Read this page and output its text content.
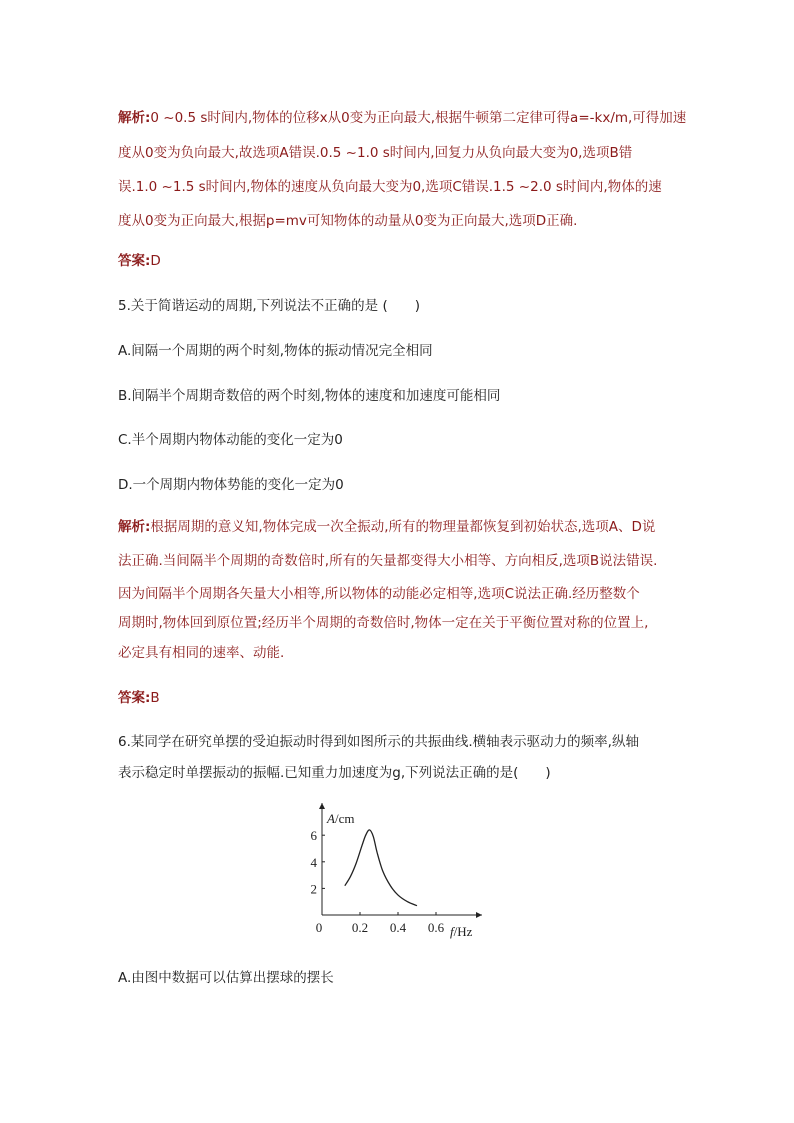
解析:0 ~0.5 s时间内,物体的位移x从0变为正向最大,根据牛顿第二定律可得a=-kx/m,可得加速
度从0变为负向最大,故选项A错误.0.5 ~1.0 s时间内,回复力从负向最大变为0,选项B错
误.1.0 ~1.5 s时间内,物体的速度从负向最大变为0,选项C错误.1.5 ~2.0 s时间内,物体的速
度从0变为正向最大,根据p=mv可知物体的动量从0变为正向最大,选项D正确.
答案:D
5.关于简谐运动的周期,下列说法不正确的是 (　　)
A.间隔一个周期的两个时刻,物体的振动情况完全相同
B.间隔半个周期奇数倍的两个时刻,物体的速度和加速度可能相同
C.半个周期内物体动能的变化一定为0
D.一个周期内物体势能的变化一定为0
解析:根据周期的意义知,物体完成一次全振动,所有的物理量都恢复到初始状态,选项A、D说
法正确.当间隔半个周期的奇数倍时,所有的矢量都变得大小相等、方向相反,选项B说法错误.
因为间隔半个周期各矢量大小相等,所以物体的动能必定相等,选项C说法正确.经历整数个
周期时,物体回到原位置;经历半个周期的奇数倍时,物体一定在关于平衡位置对称的位置上,
必定具有相同的速率、动能.
答案:B
6.某同学在研究单摆的受迫振动时得到如图所示的共振曲线.横轴表示驱动力的频率,纵轴
表示稳定时单摆振动的振幅.已知重力加速度为g,下列说法正确的是(　　)
A/cm
f/Hz
0 0.2 0.4 0.6
2
4
6
A.由图中数据可以估算出摆球的摆长
